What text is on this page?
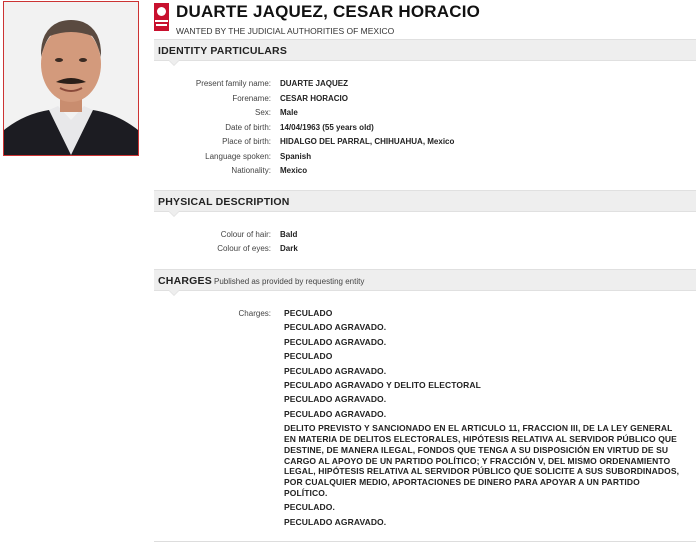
DUARTE JAQUEZ, CESAR HORACIO
WANTED BY THE JUDICIAL AUTHORITIES OF MEXICO
IDENTITY PARTICULARS
Present family name: DUARTE JAQUEZ
Forename: CESAR HORACIO
Sex: Male
Date of birth: 14/04/1963 (55 years old)
Place of birth: HIDALGO DEL PARRAL, CHIHUAHUA, Mexico
Language spoken: Spanish
Nationality: Mexico
PHYSICAL DESCRIPTION
Colour of hair: Bald
Colour of eyes: Dark
CHARGES Published as provided by requesting entity
Charges: PECULADO
PECULADO AGRAVADO.
PECULADO AGRAVADO.
PECULADO
PECULADO AGRAVADO.
PECULADO AGRAVADO Y DELITO ELECTORAL
PECULADO AGRAVADO.
PECULADO AGRAVADO.
DELITO PREVISTO Y SANCIONADO EN EL ARTICULO 11, FRACCION III, DE LA LEY GENERAL EN MATERIA DE DELITOS ELECTORALES, HIPÓTESIS RELATIVA AL SERVIDOR PÚBLICO QUE DESTINE, DE MANERA ILEGAL, FONDOS QUE TENGA A SU DISPOSICIÓN EN VIRTUD DE SU CARGO AL APOYO DE UN PARTIDO POLÍTICO; Y FRACCIÓN V, DEL MISMO ORDENAMIENTO LEGAL, HIPÓTESIS RELATIVA AL SERVIDOR PÚBLICO QUE SOLICITE A SUS SUBORDINADOS, POR CUALQUIER MEDIO, APORTACIONES DE DINERO PARA APOYAR A UN PARTIDO POLÍTICO.
PECULADO.
PECULADO AGRAVADO.
